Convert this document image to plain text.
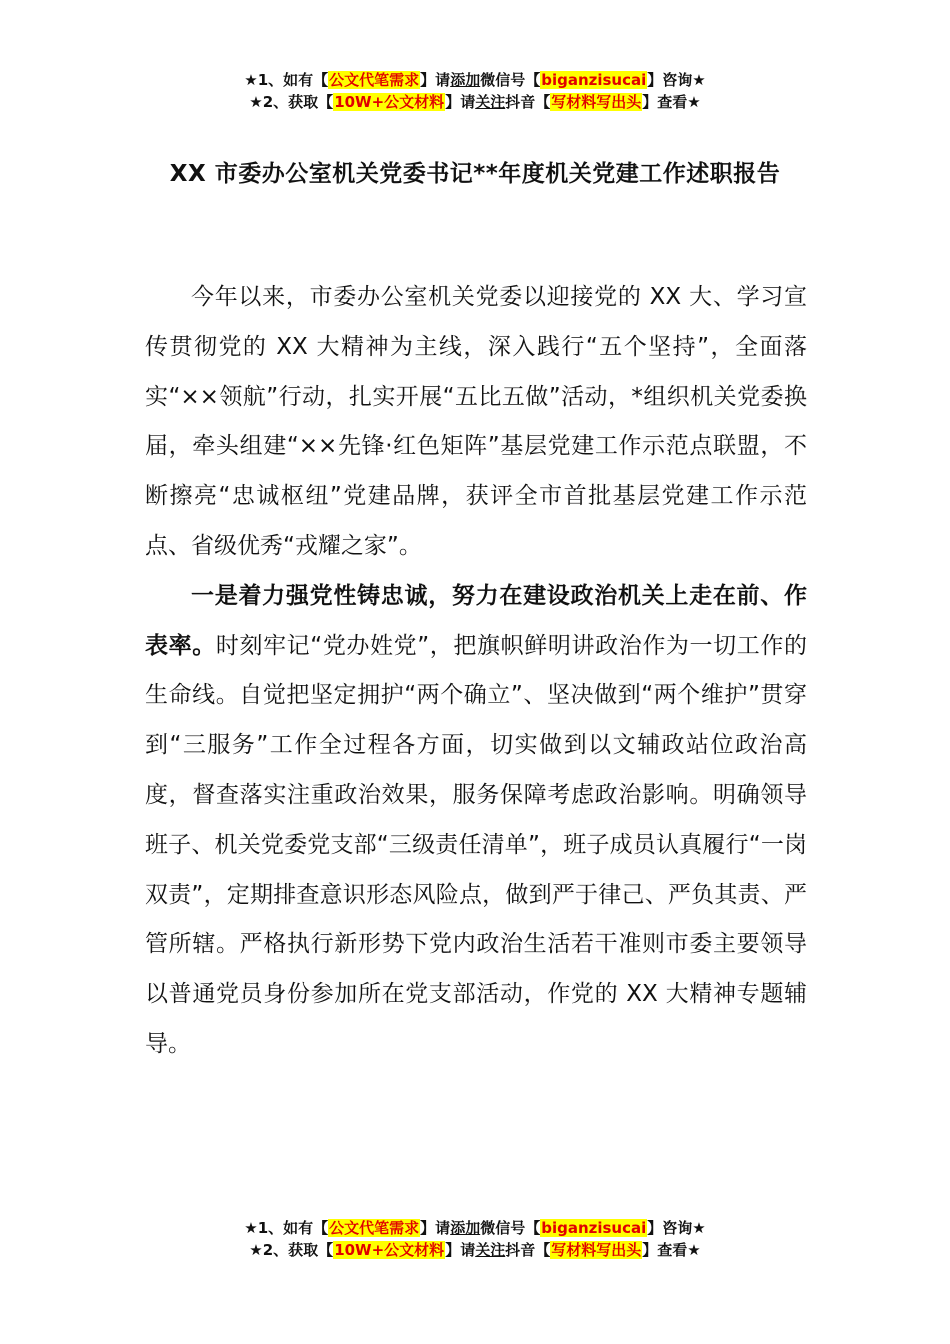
★1、如有【公文代笔需求】请添加微信号【biganzisucai】咨询★
★2、获取【10W+公文材料】请关注抖音【写材料写出头】查看★
XX 市委办公室机关党委书记**年度机关党建工作述职报告

今年以来，市委办公室机关党委以迎接党的 XX 大、学习宣传贯彻党的 XX 大精神为主线，深入践行“五个坚持”，全面落实“××领航”行动，扎实开展“五比五做”活动，*组织机关党委换届，牵头组建“××先锋·红色矩阵”基层党建工作示范点联盟，不断擦亮“忠诚枢纽”党建品牌，获评全市首批基层党建工作示范点、省级优秀“戎耀之家”。

一是着力强党性铸忠诚，努力在建设政治机关上走在前、作表率。时刻牢记“党办姓党”，把旗帜鲜明讲政治作为一切工作的生命线。自觉把坚定拥护“两个确立”、坚决做到“两个维护”贯穿到“三服务”工作全过程各方面，切实做到以文辅政站位政治高度，督查落实注重政治效果，服务保障考虑政治影响。明确领导班子、机关党委党支部“三级责任清单”，班子成员认真履行“一岗双责”，定期排查意识形态风险点，做到严于律己、严负其责、严管所辖。严格执行新形势下党内政治生活若干准则市委主要领导以普通党员身份参加所在党支部活动，作党的 XX 大精神专题辅导。

★1、如有【公文代笔需求】请添加微信号【biganzisucai】咨询★
★2、获取【10W+公文材料】请关注抖音【写材料写出头】查看★
